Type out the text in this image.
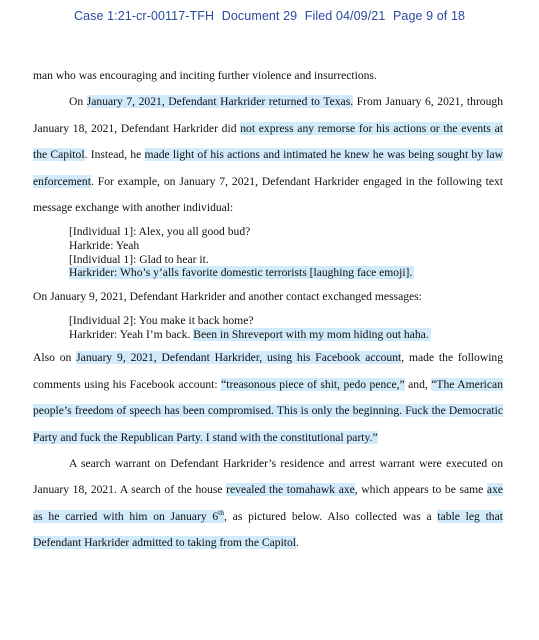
Case 1:21-cr-00117-TFH Document 29 Filed 04/09/21 Page 9 of 18

man who was encouraging and inciting further violence and insurrections.

On January 7, 2021, Defendant Harkrider returned to Texas. From January 6, 2021, through January 18, 2021, Defendant Harkrider did not express any remorse for his actions or the events at the Capitol. Instead, he made light of his actions and intimated he knew he was being sought by law enforcement. For example, on January 7, 2021, Defendant Harkrider engaged in the following text message exchange with another individual:

[Individual 1]: Alex, you all good bud?
Harkride: Yeah
[Individual 1]: Glad to hear it.
Harkrider: Who’s y’alls favorite domestic terrorists [laughing face emoji].

On January 9, 2021, Defendant Harkrider and another contact exchanged messages:

[Individual 2]: You make it back home?
Harkrider: Yeah I’m back. Been in Shreveport with my mom hiding out haha.

Also on January 9, 2021, Defendant Harkrider, using his Facebook account, made the following comments using his Facebook account: “treasonous piece of shit, pedo pence,” and, “The American people’s freedom of speech has been compromised. This is only the beginning. Fuck the Democratic Party and fuck the Republican Party. I stand with the constitutional party.”

A search warrant on Defendant Harkrider’s residence and arrest warrant were executed on January 18, 2021. A search of the house revealed the tomahawk axe, which appears to be same axe as he carried with him on January 6th, as pictured below. Also collected was a table leg that Defendant Harkrider admitted to taking from the Capitol.
